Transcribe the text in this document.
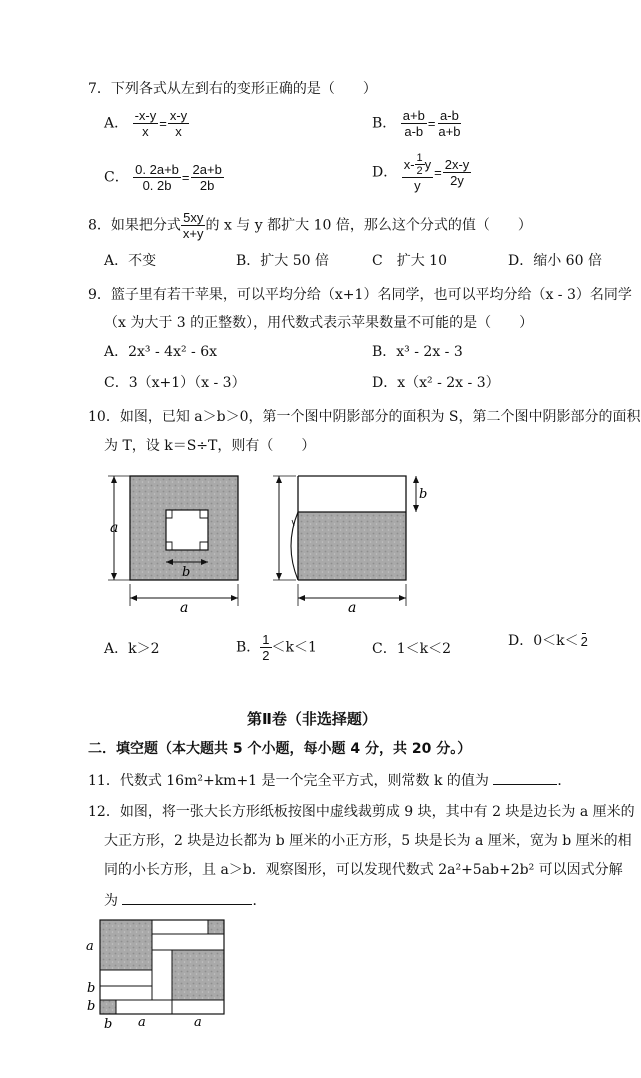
7．下列各式从左到右的变形正确的是（　　）
A． $\frac{-x-y}{x} = \frac{x-y}{x}$	B． $\frac{a+b}{a-b} = \frac{a-b}{a+b}$
C． $\frac{0. 2a+b}{0. 2b} = \frac{2a+b}{2b}$	D． $\frac{x- \frac{1}{2} y}{y} = \frac{2x-y}{2y}$
8．如果把分式 $\frac{5xy}{x+y}$ 的 x 与 y 都扩大 10 倍，那么这个分式的值（　　）
A．不变	B．扩大 50 倍	C　扩大 10	D．缩小 60 倍
9．篮子里有若干苹果，可以平均分给（x+1）名同学，也可以平均分给（x - 3）名同学
（x 为大于 3 的正整数），用代数式表示苹果数量不可能的是（　　）
A．2x³ - 4x² - 6x	B．x³ - 2x - 3
C．3（x+1）（x - 3）	D．x（x² - 2x - 3）
10．如图，已知 a＞b＞0，第一个图中阴影部分的面积为 S，第二个图中阴影部分的面积
为 T，设 k＝S÷T，则有（　　）
a
b
a
b
a
A．k＞2	B． $\frac{1}{2} <k<1$	C．1＜k＜2	D．0＜k＜ 2
第Ⅱ卷（非选择题）
二．填空题（本大题共 5 个小题，每小题 4 分，共 20 分。）
11．代数式 16m²+km+1 是一个完全平方式，则常数 k 的值为	．
12．如图，将一张大长方形纸板按图中虚线裁剪成 9 块，其中有 2 块是边长为 a 厘米的
大正方形，2 块是边长都为 b 厘米的小正方形，5 块是长为 a 厘米，宽为 b 厘米的相
同的小长方形，且 a＞b．观察图形，可以发现代数式 2a²+5ab+2b² 可以因式分解
为	．
a
b
b
b a	a
